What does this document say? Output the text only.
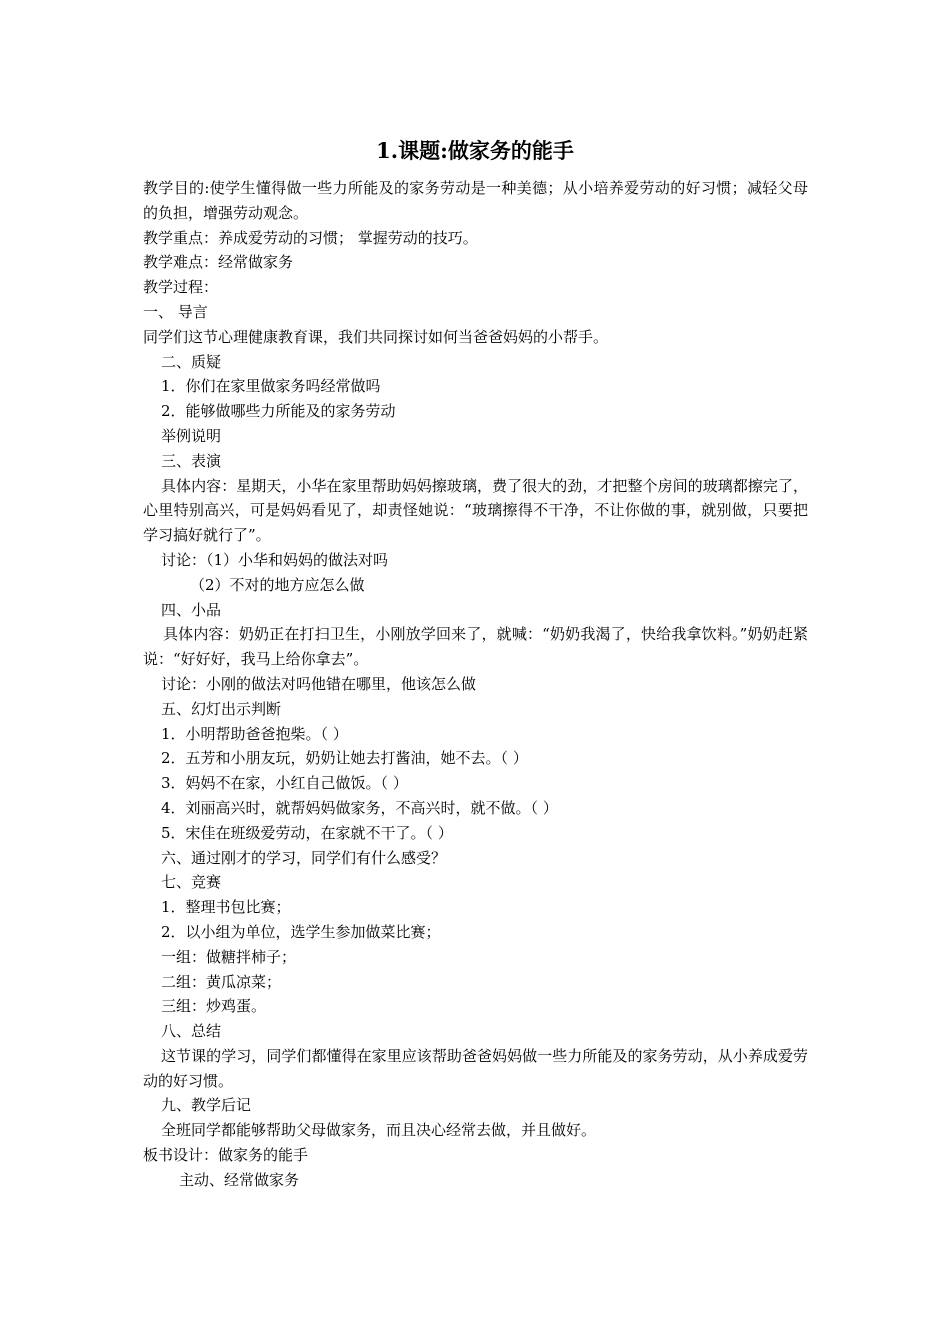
1.课题:做家务的能手

教学目的:使学生懂得做一些力所能及的家务劳动是一种美德；从小培养爱劳动的好习惯；减轻父母的负担，增强劳动观念。

教学重点：养成爱劳动的习惯； 掌握劳动的技巧。

教学难点：经常做家务

教学过程：

一、 导言

同学们这节心理健康教育课，我们共同探讨如何当爸爸妈妈的小帮手。

二、质疑

1．你们在家里做家务吗经常做吗

2．能够做哪些力所能及的家务劳动

举例说明

三、表演

具体内容：星期天，小华在家里帮助妈妈擦玻璃，费了很大的劲，才把整个房间的玻璃都擦完了，心里特别高兴，可是妈妈看见了，却责怪她说：“玻璃擦得不干净，不让你做的事，就别做，只要把学习搞好就行了”。

讨论：（1）小华和妈妈的做法对吗

（2）不对的地方应怎么做

四、小品

具体内容：奶奶正在打扫卫生，小刚放学回来了，就喊：“奶奶我渴了，快给我拿饮料。”奶奶赶紧说：“好好好，我马上给你拿去”。

讨论：小刚的做法对吗他错在哪里，他该怎么做

五、幻灯出示判断

1．小明帮助爸爸抱柴。（ ）

2．五芳和小朋友玩，奶奶让她去打酱油，她不去。（ ）

3．妈妈不在家，小红自己做饭。（ ）

4．刘丽高兴时，就帮妈妈做家务，不高兴时，就不做。（ ）

5．宋佳在班级爱劳动，在家就不干了。（ ）

六、通过刚才的学习，同学们有什么感受？

七、竞赛

1．整理书包比赛；

2．以小组为单位，选学生参加做菜比赛；

一组：做糖拌柿子；

二组：黄瓜凉菜；

三组：炒鸡蛋。

八、总结

这节课的学习，同学们都懂得在家里应该帮助爸爸妈妈做一些力所能及的家务劳动，从小养成爱劳动的好习惯。

九、教学后记

全班同学都能够帮助父母做家务，而且决心经常去做，并且做好。

板书设计：做家务的能手

主动、经常做家务
